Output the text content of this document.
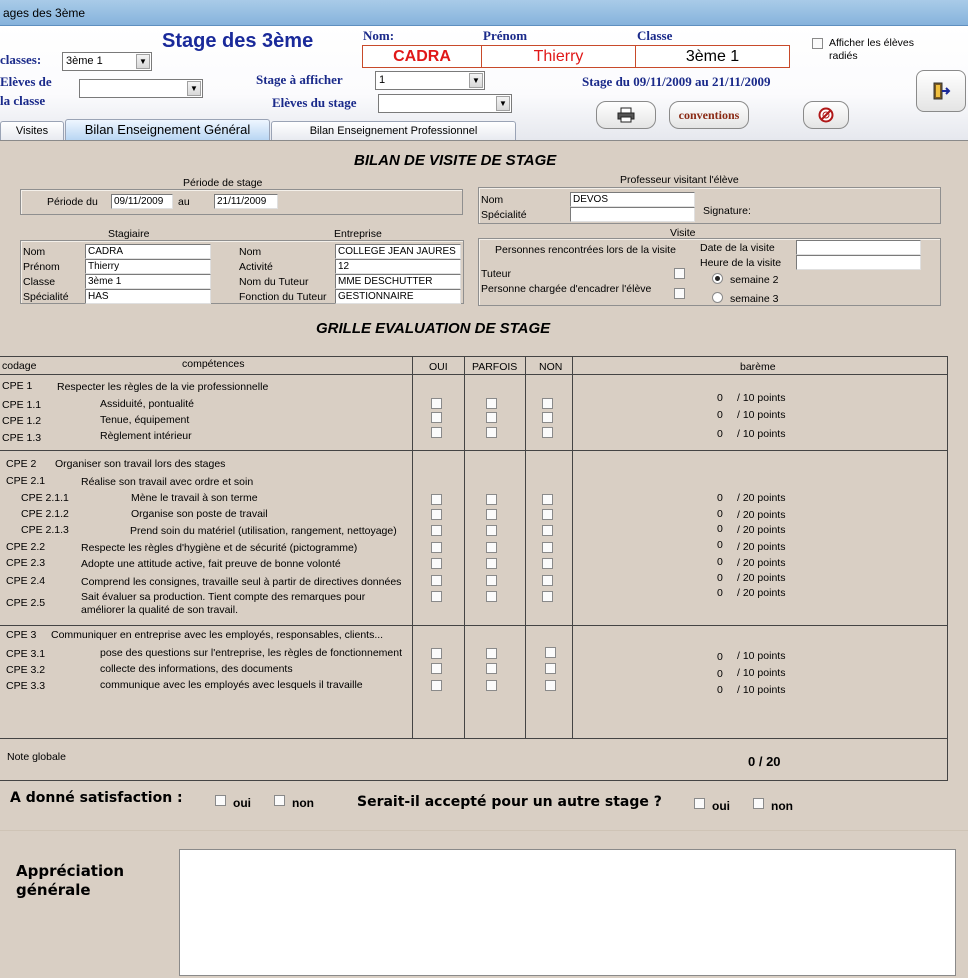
ages des 3ème
Stage des 3ème
classes:	3ème 1	▼
Elèves de
la classe
▼
Stage à afficher	1	▼
Elèves du stage	▼
Nom:	Prénom	Classe
CADRA	Thierry	3ème 1
Stage du 09/11/2009 au 21/11/2009
Afficher les élèves radiés
conventions
Visites	Bilan Enseignement Général	Bilan Enseignement Professionnel
BILAN DE VISITE DE STAGE
Période de stage
Période du	09/11/2009	au	21/11/2009
Professeur visitant l'élève
Nom	DEVOS
Spécialité	Signature:
Stagiaire	Entreprise
Nom	CADRA
Prénom	Thierry
Classe	3ème 1
Spécialité	HAS
Nom	COLLEGE JEAN JAURES
Activité	12
Nom du Tuteur	MME DESCHUTTER
Fonction du Tuteur	GESTIONNAIRE
Visite
Personnes rencontrées lors de la visite
Tuteur
Personne chargée d'encadrer l'élève
Date de la visite
Heure de la visite
semaine 2
semaine 3
GRILLE EVALUATION DE STAGE
codage	compétences	OUI PARFOIS NON	barème
CPE 1 Respecter les règles de la vie professionnelle
CPE 1.1	Assiduité, pontualité	0 / 10 points
CPE 1.2	Tenue, équipement	0 / 10 points
CPE 1.3	Règlement intérieur	0 / 10 points
CPE 2 Organiser son travail lors des stages
CPE 2.1	Réalise son travail avec ordre et soin
CPE 2.1.1	Mène le travail à son terme	0 / 20 points
CPE 2.1.2	Organise son poste de travail	0 / 20 points
CPE 2.1.3	Prend soin du matériel (utilisation, rangement, nettoyage)	0 / 20 points
CPE 2.2	Respecte les règles d'hygiène et de sécurité (pictogramme)	0 / 20 points
CPE 2.3	Adopte une attitude active, fait preuve de bonne volonté	0 / 20 points
CPE 2.4	Comprend les consignes, travaille seul à partir de directives données	0 / 20 points
CPE 2.5	Sait évaluer sa production. Tient compte des remarques pour
améliorer la qualité de son travail.
0 / 20 points
CPE 3 Communiquer en entreprise avec les employés, responsables, clients...
CPE 3.1	pose des questions sur l'entreprise, les règles de fonctionnement	0 / 10 points
CPE 3.2	collecte des informations, des documents	0 / 10 points
CPE 3.3	communique avec les employés avec lesquels il travaille	0 / 10 points
Note globale	0 / 20
A donné satisfaction :	oui	non	Serait-il accepté pour un autre stage ?	oui	non
Appréciation
générale
